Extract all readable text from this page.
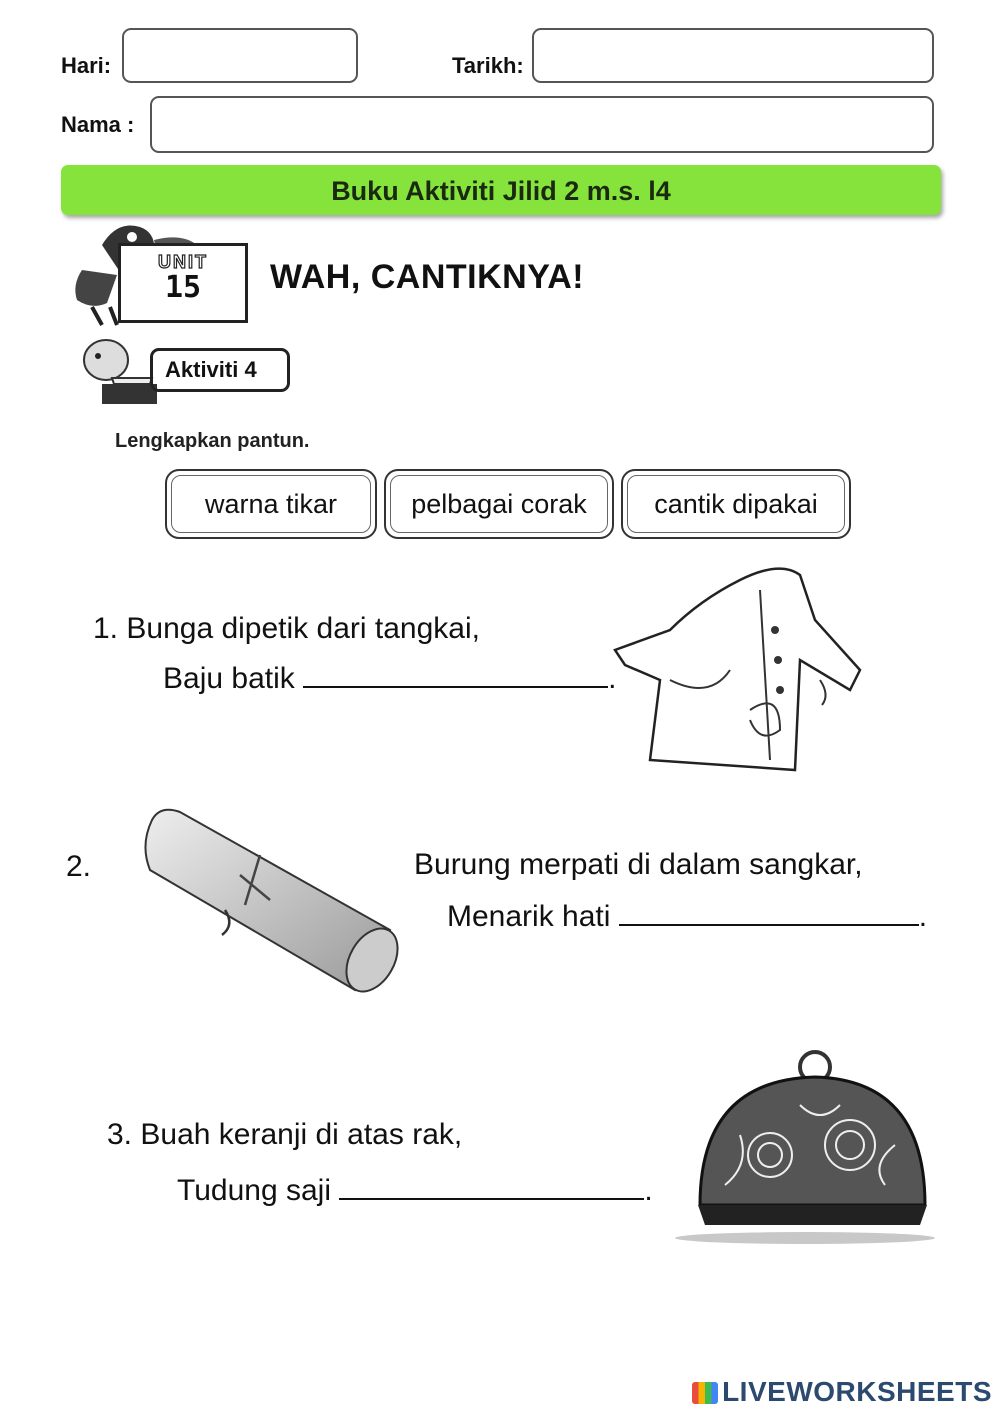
Hari:	Tarikh:
Nama :
Buku Aktiviti Jilid 2 m.s. l4
UNIT
15	WAH, CANTIKNYA!
Aktiviti 4
Lengkapkan pantun.
warna tikar	pelbagai corak	cantik dipakai
1. Bunga dipetik dari tangkai,
Baju batik	.
2.	Burung merpati di dalam sangkar,
Menarik hati	.
3. Buah keranji di atas rak,
Tudung saji	.
LIVEWORKSHEETS
